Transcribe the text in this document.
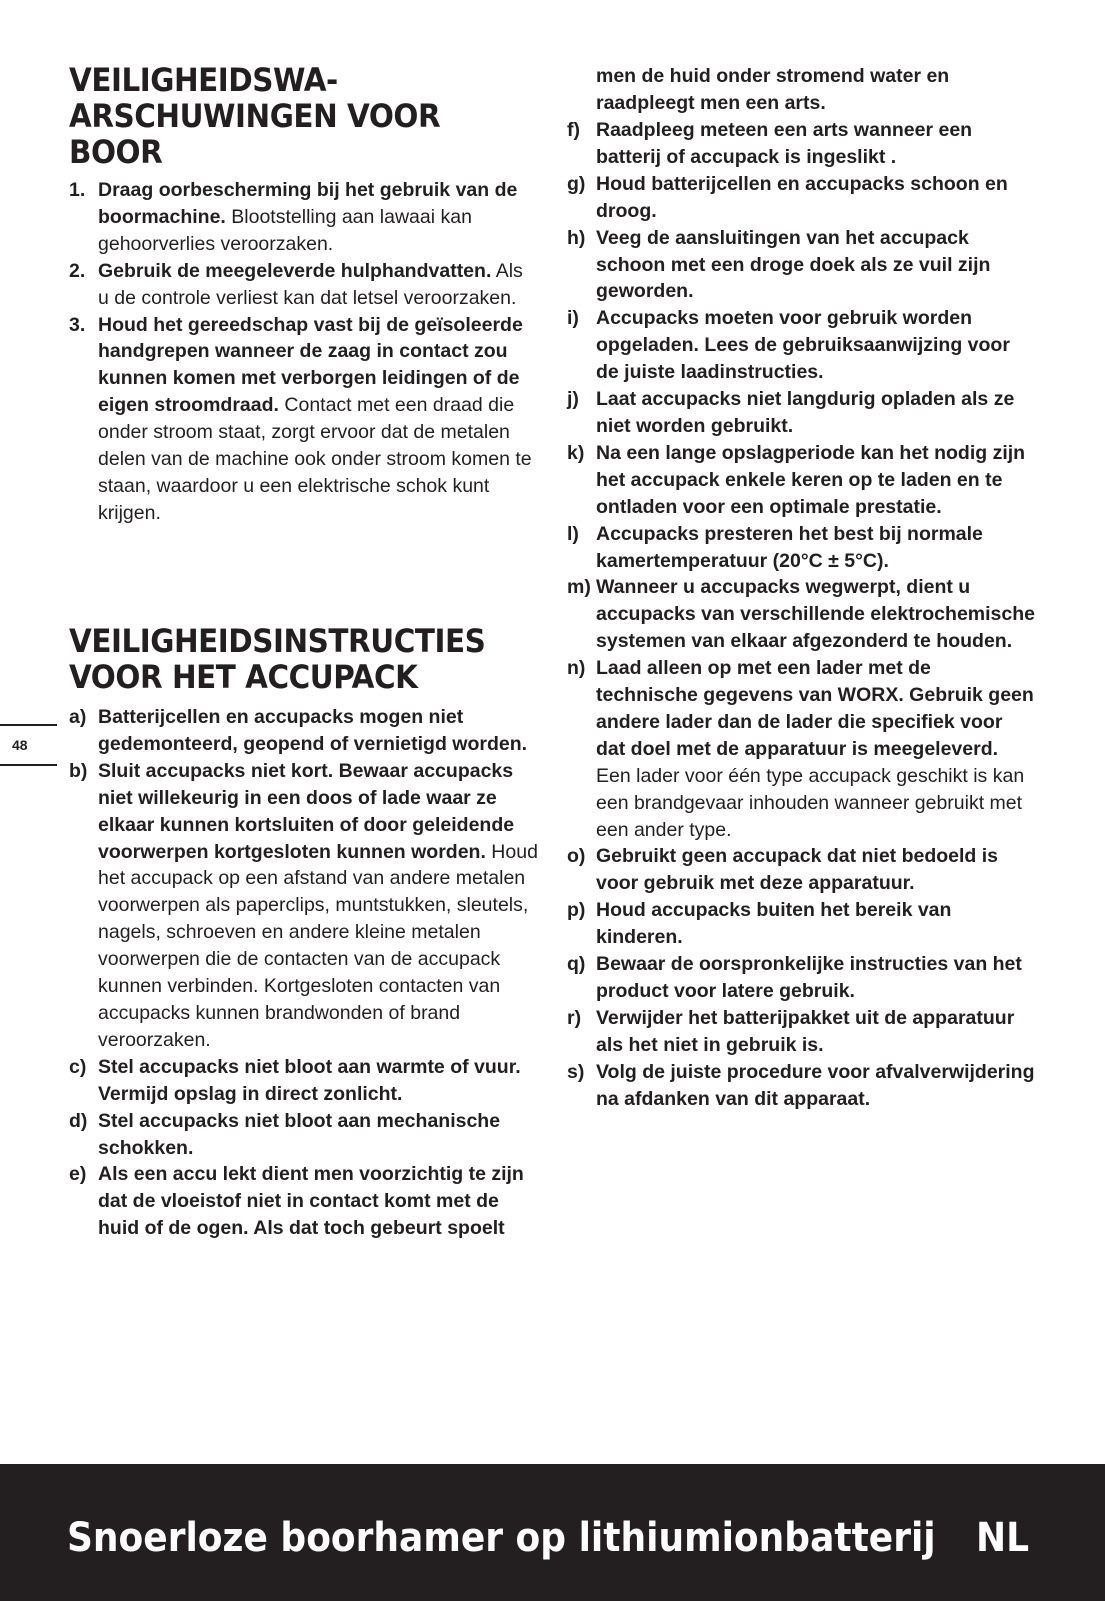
48
VEILIGHEIDSWA-
ARSCHUWINGEN VOOR
BOOR
1. Draag oorbescherming bij het gebruik van de boormachine. Blootstelling aan lawaai kan gehoorverlies veroorzaken.
2. Gebruik de meegeleverde hulphandvatten. Als u de controle verliest kan dat letsel veroorzaken.
3. Houd het gereedschap vast bij de geïsoleerde handgrepen wanneer de zaag in contact zou kunnen komen met verborgen leidingen of de eigen stroomdraad. Contact met een draad die onder stroom staat, zorgt ervoor dat de metalen delen van de machine ook onder stroom komen te staan, waardoor u een elektrische schok kunt krijgen.
VEILIGHEIDSINSTRUCTIES
VOOR HET ACCUPACK
a) Batterijcellen en accupacks mogen niet gedemonteerd, geopend of vernietigd worden.
b) Sluit accupacks niet kort. Bewaar accupacks niet willekeurig in een doos of lade waar ze elkaar kunnen kortsluiten of door geleidende voorwerpen kortgesloten kunnen worden. Houd het accupack op een afstand van andere metalen voorwerpen als paperclips, muntstukken, sleutels, nagels, schroeven en andere kleine metalen voorwerpen die de contacten van de accupack kunnen verbinden. Kortgesloten contacten van accupacks kunnen brandwonden of brand veroorzaken.
c) Stel accupacks niet bloot aan warmte of vuur. Vermijd opslag in direct zonlicht.
d) Stel accupacks niet bloot aan mechanische schokken.
e) Als een accu lekt dient men voorzichtig te zijn dat de vloeistof niet in contact komt met de huid of de ogen. Als dat toch gebeurt spoelt

men de huid onder stromend water en raadpleegt men een arts.

f) Raadpleeg meteen een arts wanneer een batterij of accupack is ingeslikt .
g) Houd batterijcellen en accupacks schoon en droog.
h) Veeg de aansluitingen van het accupack schoon met een droge doek als ze vuil zijn geworden.
i) Accupacks moeten voor gebruik worden opgeladen. Lees de gebruiksaanwijzing voor de juiste laadinstructies.
j) Laat accupacks niet langdurig opladen als ze niet worden gebruikt.
k) Na een lange opslagperiode kan het nodig zijn het accupack enkele keren op te laden en te ontladen voor een optimale prestatie.
l) Accupacks presteren het best bij normale kamertemperatuur (20°C ± 5°C).
m) Wanneer u accupacks wegwerpt, dient u accupacks van verschillende elektrochemische systemen van elkaar afgezonderd te houden.
n) Laad alleen op met een lader met de technische gegevens van WORX. Gebruik geen andere lader dan de lader die specifiek voor dat doel met de apparatuur is meegeleverd. Een lader voor één type accupack geschikt is kan een brandgevaar inhouden wanneer gebruikt met een ander type.
o) Gebruikt geen accupack dat niet bedoeld is voor gebruik met deze apparatuur.
p) Houd accupacks buiten het bereik van kinderen.
q) Bewaar de oorspronkelijke instructies van het product voor latere gebruik.
r) Verwijder het batterijpakket uit de apparatuur als het niet in gebruik is.
s) Volg de juiste procedure voor afvalverwijdering na afdanken van dit apparaat.
Snoerloze boorhamer op lithiumionbatterij NL
